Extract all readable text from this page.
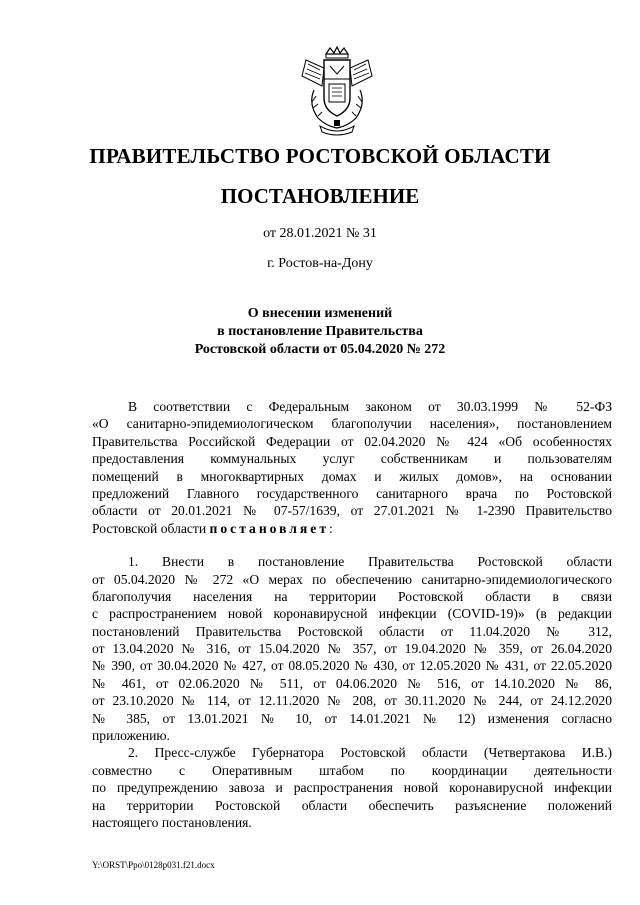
ПРАВИТЕЛЬСТВО РОСТОВСКОЙ ОБЛАСТИ
ПОСТАНОВЛЕНИЕ
от 28.01.2021 № 31
г. Ростов-на-Дону
О внесении изменений
в постановление Правительства
Ростовской области от 05.04.2020 № 272
В соответствии с Федеральным законом от 30.03.1999 № 52-ФЗ
«О санитарно-эпидемиологическом благополучии населения», постановлением
Правительства Российской Федерации от 02.04.2020 № 424 «Об особенностях
предоставления коммунальных услуг собственникам и пользователям
помещений в многоквартирных домах и жилых домов», на основании
предложений Главного государственного санитарного врача по Ростовской
области от 20.01.2021 № 07-57/1639, от 27.01.2021 № 1-2390 Правительство
Ростовской области постановляет:
1. Внести в постановление Правительства Ростовской области
от 05.04.2020 № 272 «О мерах по обеспечению санитарно-эпидемиологического
благополучия населения на территории Ростовской области в связи
с распространением новой коронавирусной инфекции (COVID-19)» (в редакции
постановлений Правительства Ростовской области от 11.04.2020 № 312,
от 13.04.2020 № 316, от 15.04.2020 № 357, от 19.04.2020 № 359, от 26.04.2020
№ 390, от 30.04.2020 № 427, от 08.05.2020 № 430, от 12.05.2020 № 431, от 22.05.2020
№ 461, от 02.06.2020 № 511, от 04.06.2020 № 516, от 14.10.2020 № 86,
от 23.10.2020 № 114, от 12.11.2020 № 208, от 30.11.2020 № 244, от 24.12.2020
№ 385, от 13.01.2021 № 10, от 14.01.2021 № 12) изменения согласно
приложению.
2. Пресс-службе Губернатора Ростовской области (Четвертакова И.В.)
совместно с Оперативным штабом по координации деятельности
по предупреждению завоза и распространения новой коронавирусной инфекции
на территории Ростовской области обеспечить разъяснение положений
настоящего постановления.
Y:\ORST\Ppo\0128p031.f21.docx
